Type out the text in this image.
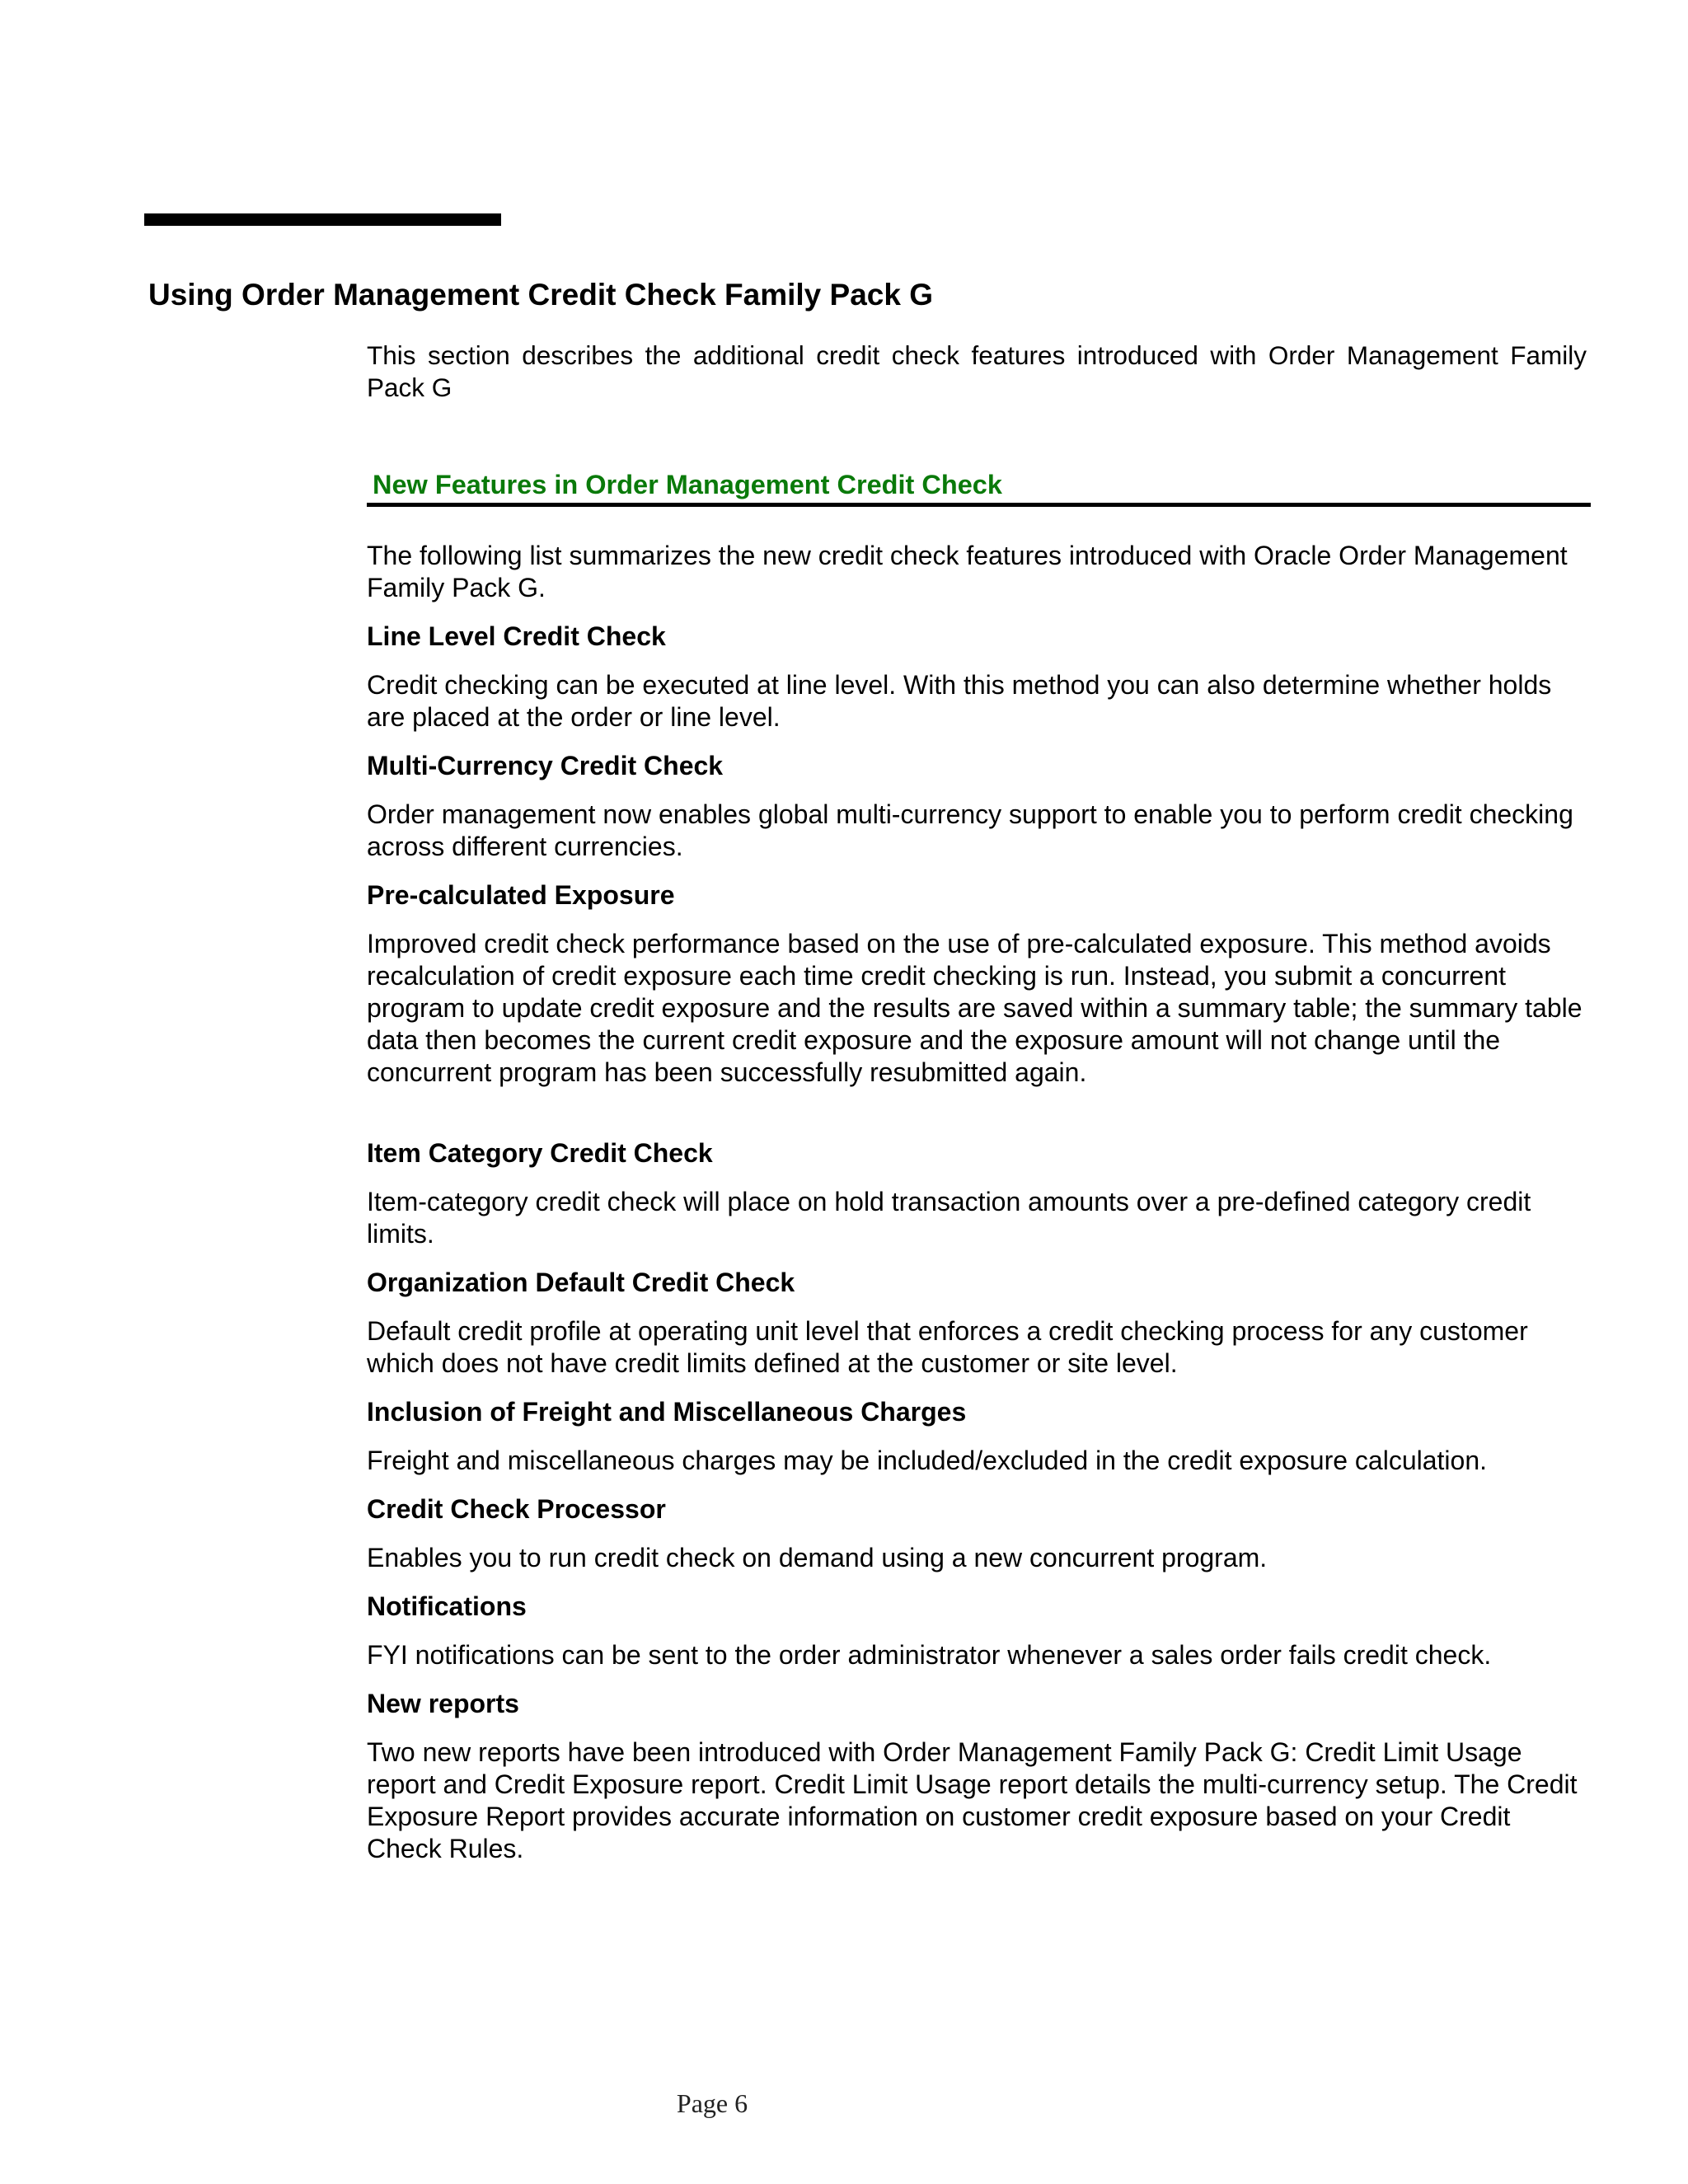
Using Order Management Credit Check Family Pack G

This section describes the additional credit check features introduced with Order Management Family Pack G

New Features in Order Management Credit Check

The following list summarizes the new credit check features introduced with Oracle Order Management Family Pack G.

Line Level Credit Check

Credit checking can be executed at line level. With this method you can also determine whether holds are placed at the order or line level.

Multi-Currency Credit Check

Order management now enables global multi-currency support to enable you to perform credit checking across different currencies.

Pre-calculated Exposure

Improved credit check performance based on the use of pre-calculated exposure. This method avoids recalculation of credit exposure each time credit checking is run. Instead, you submit a concurrent program to update credit exposure and the results are saved within a summary table; the summary table data then becomes the current credit exposure and the exposure amount will not change until the concurrent program has been successfully resubmitted again.

Item Category Credit Check

Item-category credit check will place on hold transaction amounts over a pre-defined category credit limits.

Organization Default Credit Check

Default credit profile at operating unit level that enforces a credit checking process for any customer which does not have credit limits defined at the customer or site level.

Inclusion of Freight and Miscellaneous Charges

Freight and miscellaneous charges may be included/excluded in the credit exposure calculation.

Credit Check Processor

Enables you to run credit check on demand using a new concurrent program.

Notifications

FYI notifications can be sent to the order administrator whenever a sales order fails credit check.

New reports

Two new reports have been introduced with Order Management Family Pack G: Credit Limit Usage report and Credit Exposure report. Credit Limit Usage report details the multi-currency setup. The Credit Exposure Report provides accurate information on customer credit exposure based on your Credit Check Rules.

Page 6
